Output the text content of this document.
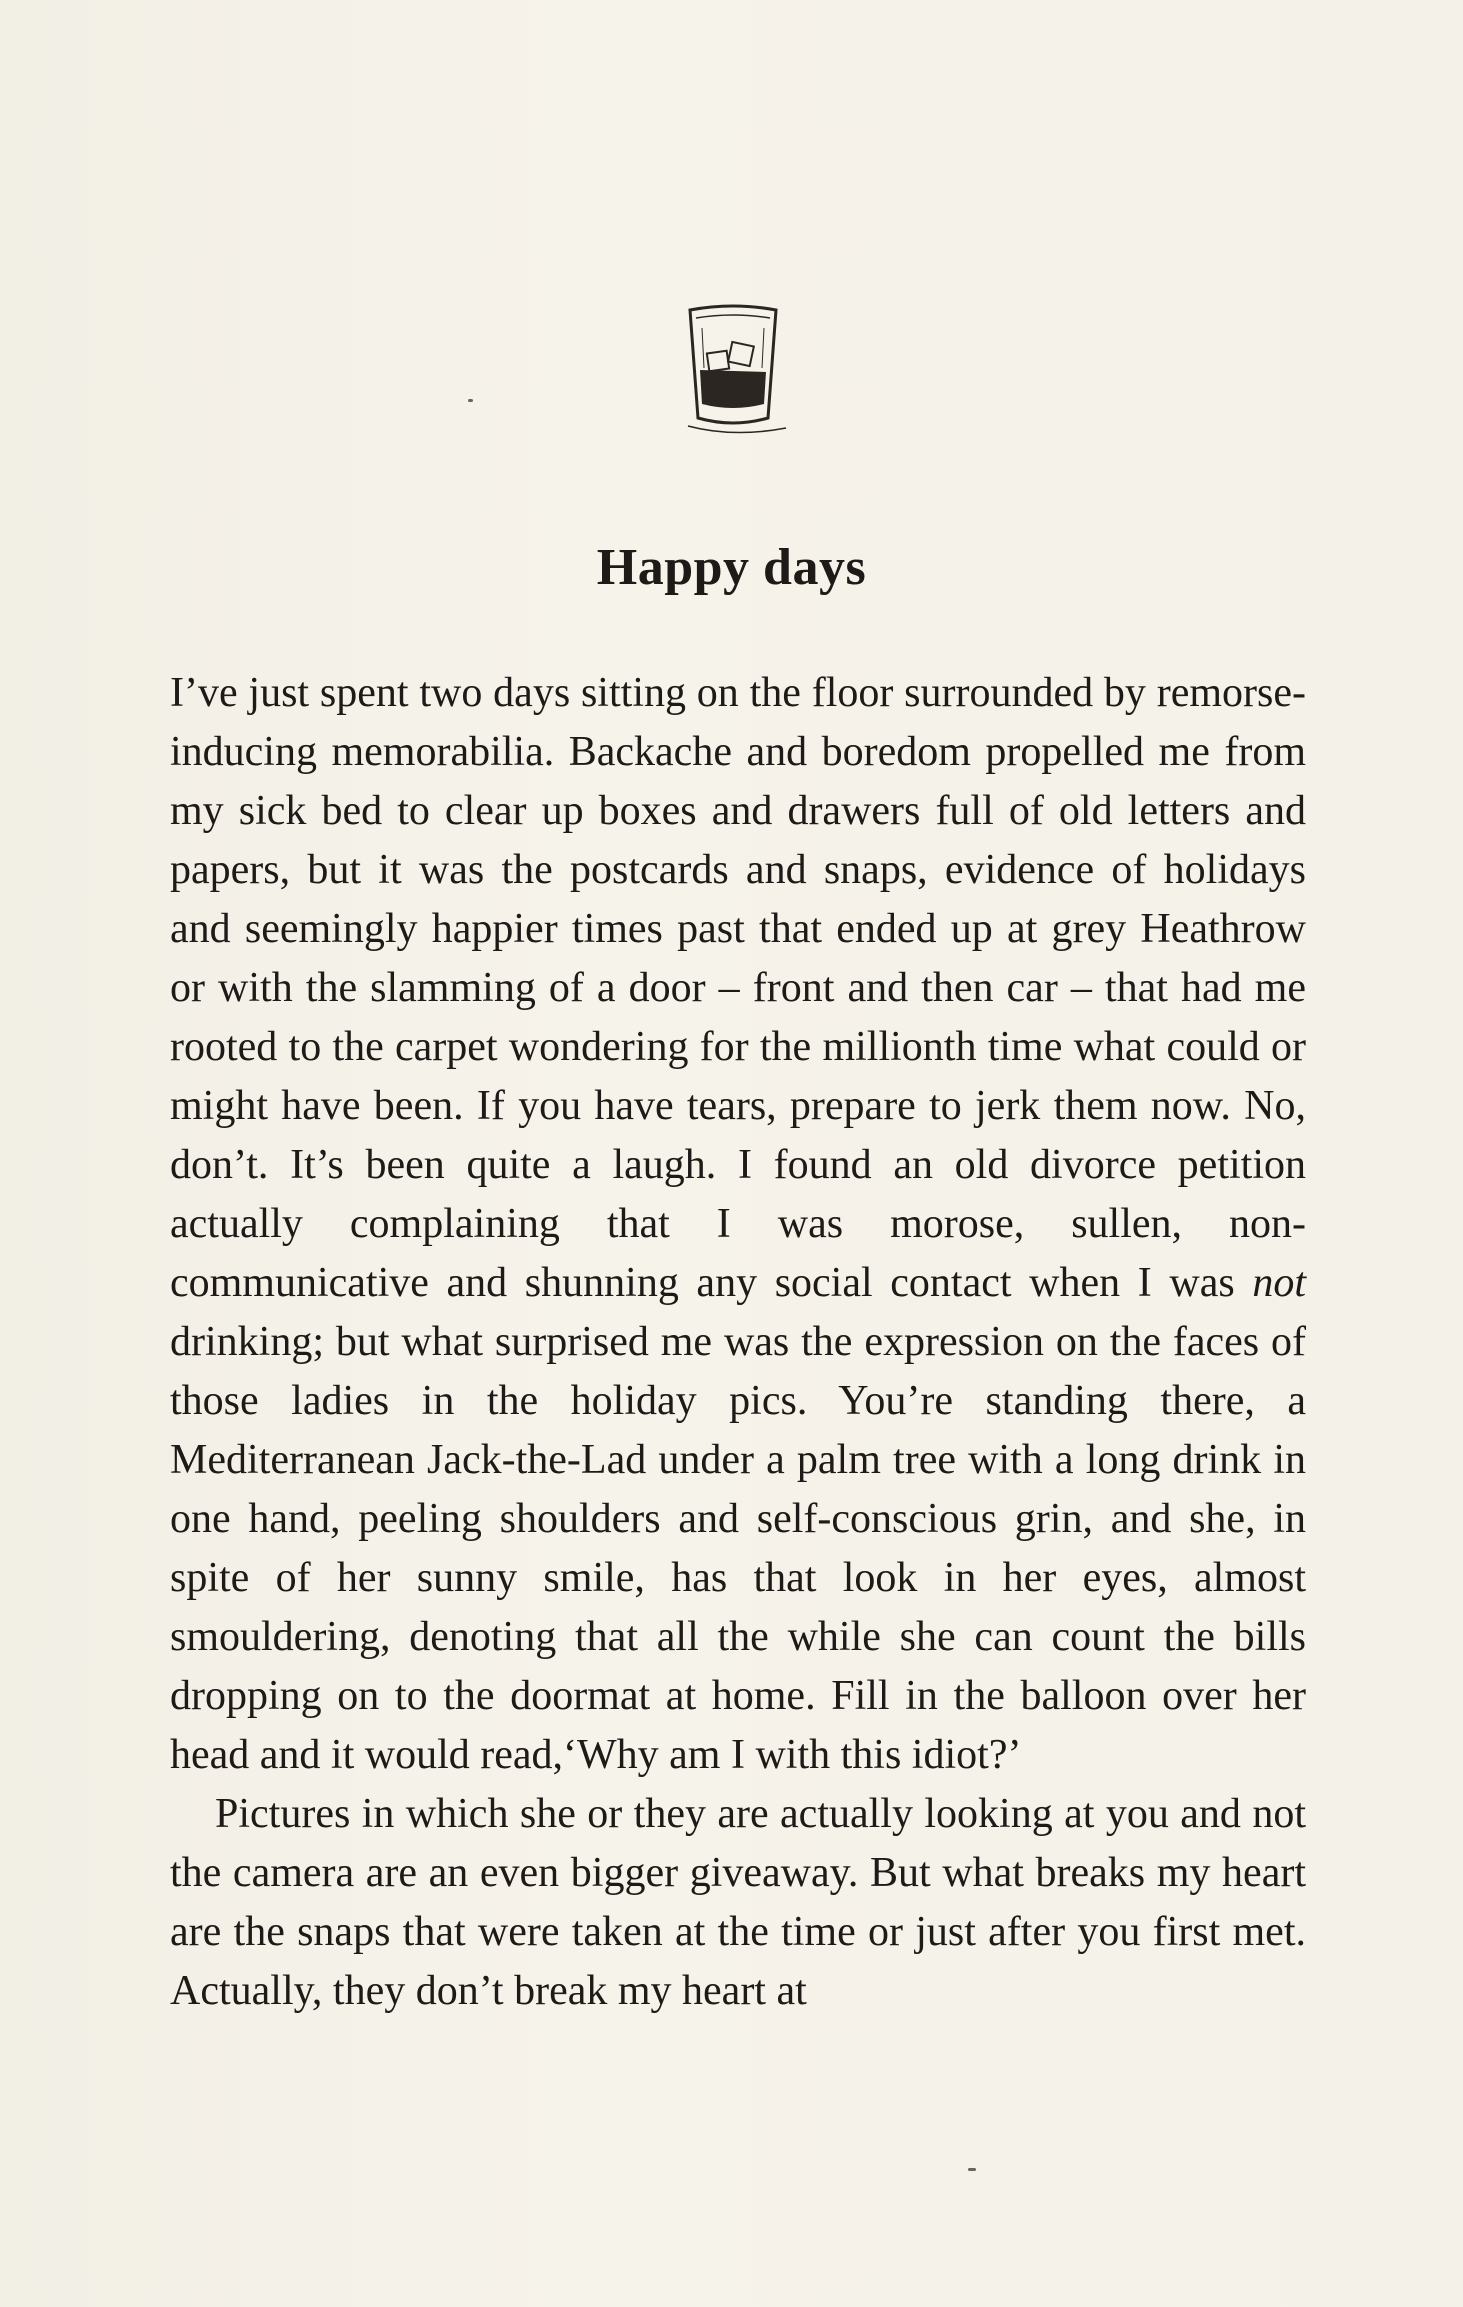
Happy days

I’ve just spent two days sitting on the floor surrounded by remorse-inducing memorabilia. Backache and boredom propelled me from my sick bed to clear up boxes and drawers full of old letters and papers, but it was the postcards and snaps, evidence of holidays and seemingly happier times past that ended up at grey Heathrow or with the slamming of a door – front and then car – that had me rooted to the carpet wondering for the millionth time what could or might have been. If you have tears, prepare to jerk them now. No, don’t. It’s been quite a laugh. I found an old divorce petition actually complaining that I was morose, sullen, non-communicative and shunning any social contact when I was not drinking; but what surprised me was the expression on the faces of those ladies in the holiday pics. You’re standing there, a Mediterranean Jack-the-Lad under a palm tree with a long drink in one hand, peeling shoulders and self-conscious grin, and she, in spite of her sunny smile, has that look in her eyes, almost smouldering, denoting that all the while she can count the bills dropping on to the doormat at home. Fill in the balloon over her head and it would read,‘Why am I with this idiot?’

Pictures in which she or they are actually looking at you and not the camera are an even bigger giveaway. But what breaks my heart are the snaps that were taken at the time or just after you first met. Actually, they don’t break my heart at
